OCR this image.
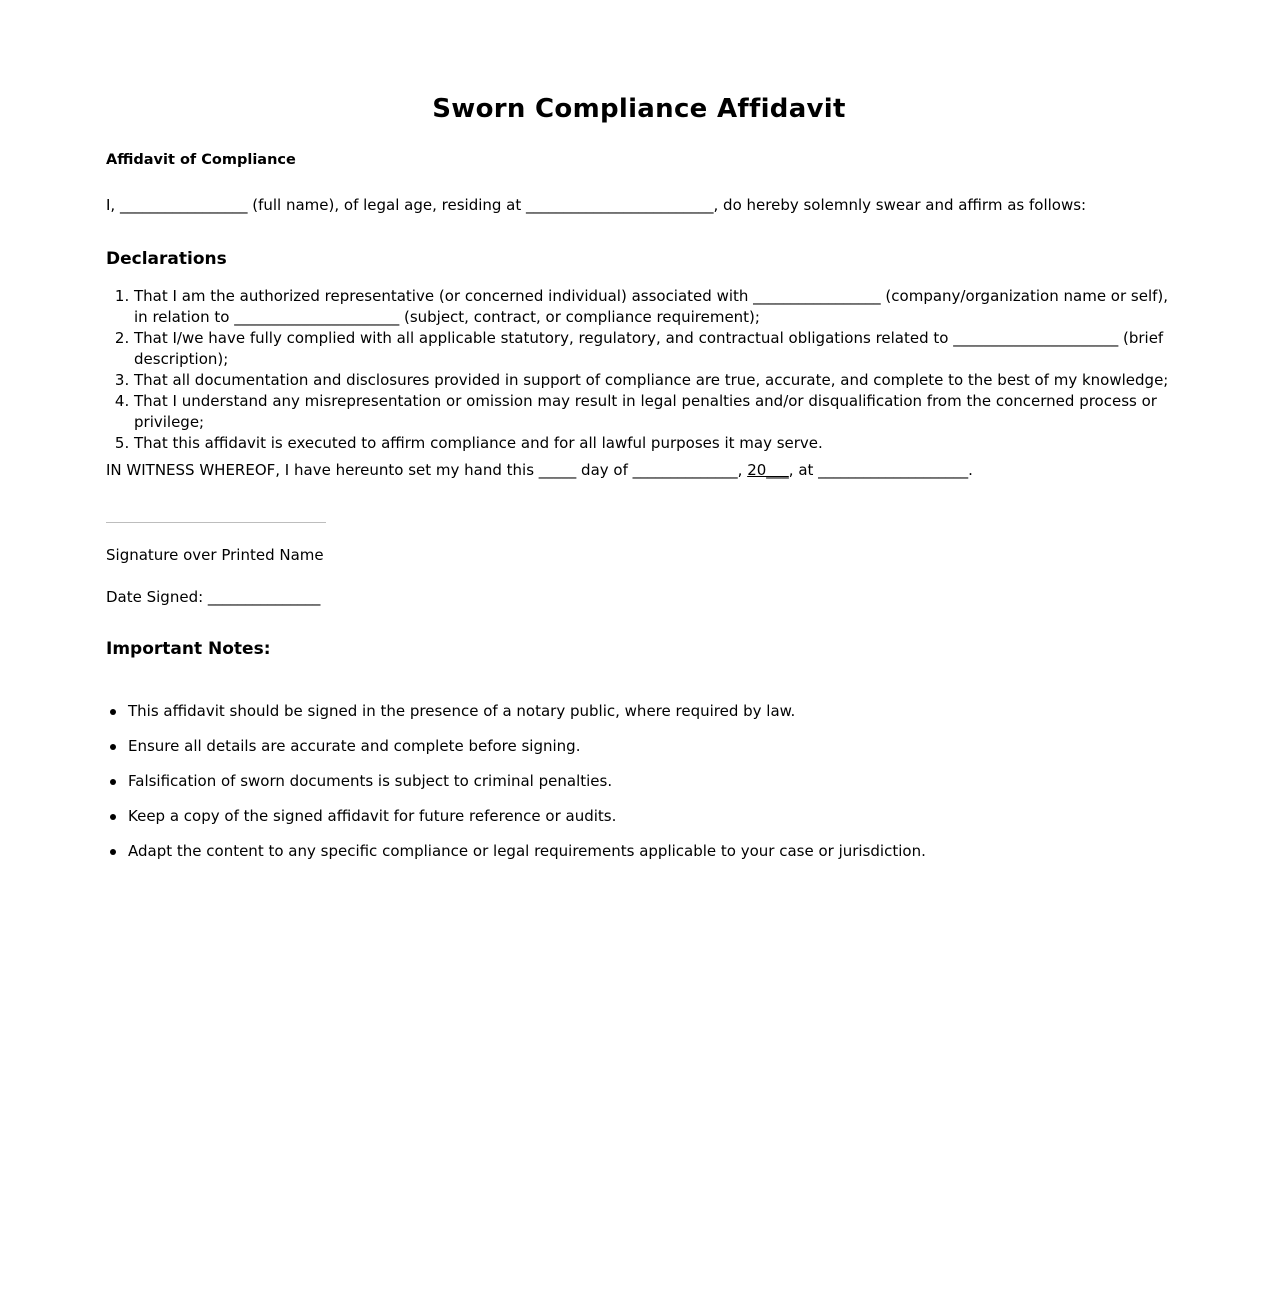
Sworn Compliance Affidavit

Affidavit of Compliance

I, _________________ (full name), of legal age, residing at _________________________, do hereby solemnly swear and affirm as follows:

Declarations
1. That I am the authorized representative (or concerned individual) associated with _________________ (company/organization name or self), in relation to ______________________ (subject, contract, or compliance requirement);
2. That I/we have fully complied with all applicable statutory, regulatory, and contractual obligations related to ______________________ (brief description);
3. That all documentation and disclosures provided in support of compliance are true, accurate, and complete to the best of my knowledge;
4. That I understand any misrepresentation or omission may result in legal penalties and/or disqualification from the concerned process or privilege;
5. That this affidavit is executed to affirm compliance and for all lawful purposes it may serve.

IN WITNESS WHEREOF, I have hereunto set my hand this _____ day of ______________, 20___, at ____________________.

Signature over Printed Name

Date Signed: _______________

Important Notes:
This affidavit should be signed in the presence of a notary public, where required by law.
Ensure all details are accurate and complete before signing.
Falsification of sworn documents is subject to criminal penalties.
Keep a copy of the signed affidavit for future reference or audits.
Adapt the content to any specific compliance or legal requirements applicable to your case or jurisdiction.
